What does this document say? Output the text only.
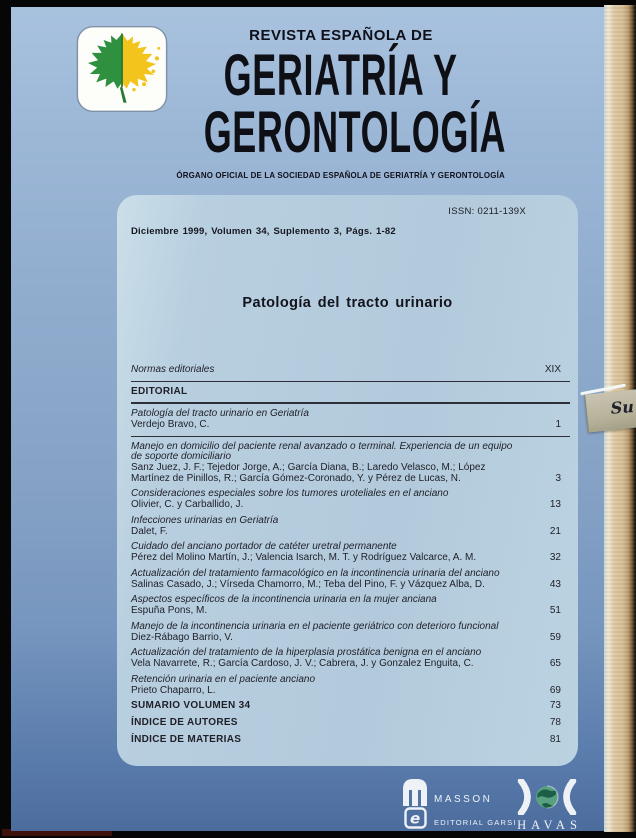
REVISTA ESPAÑOLA DE
GERIATRÍA Y
GERONTOLOGÍA
ÓRGANO OFICIAL DE LA SOCIEDAD ESPAÑOLA DE GERIATRÍA Y GERONTOLOGÍA
ISSN: 0211-139X
Diciembre 1999, Volumen 34, Suplemento 3, Págs. 1-82
Patología del tracto urinario
Normas editoriales	XIX
EDITORIAL
Patología del tracto urinario en Geriatría
Verdejo Bravo, C.	1
Manejo en domicilio del paciente renal avanzado o terminal. Experiencia de un equipo de soporte domiciliario
Sanz Juez, J. F.; Tejedor Jorge, A.; García Diana, B.; Laredo Velasco, M.; López Martínez de Pinillos, R.; García Gómez-Coronado, Y. y Pérez de Lucas, N.	3
Consideraciones especiales sobre los tumores uroteliales en el anciano
Olivier, C. y Carballido, J.	13
Infecciones urinarias en Geriatría
Dalet, F.	21
Cuidado del anciano portador de catéter uretral permanente
Pérez del Molino Martín, J.; Valencia Isarch, M. T. y Rodríguez Valcarce, A. M.	32
Actualización del tratamiento farmacológico en la incontinencia urinaria del anciano
Salinas Casado, J.; Vírseda Chamorro, M.; Teba del Pino, F. y Vázquez Alba, D.	43
Aspectos específicos de la incontinencia urinaria en la mujer anciana
Espuña Pons, M.	51
Manejo de la incontinencia urinaria en el paciente geriátrico con deterioro funcional
Diez-Rábago Barrio, V.	59
Actualización del tratamiento de la hiperplasia prostática benigna en el anciano
Vela Navarrete, R.; García Cardoso, J. V.; Cabrera, J. y Gonzalez Enguita, C.	65
Retención urinaria en el paciente anciano
Prieto Chaparro, L.	69
SUMARIO VOLUMEN 34	73
ÍNDICE DE AUTORES	78
ÍNDICE DE MATERIAS	81
MASSON
e EDITORIAL GARSI HAVAS
Su
